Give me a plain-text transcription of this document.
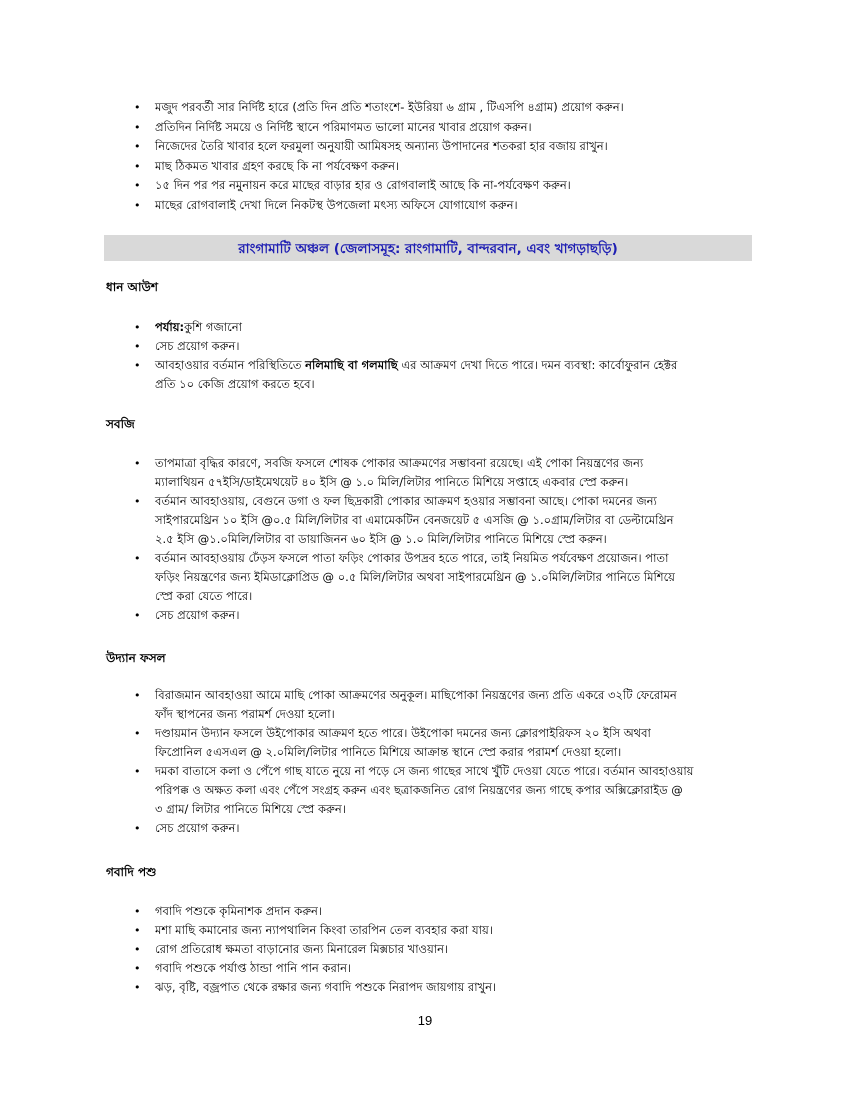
• মজুদ পরবর্তী সার নির্দিষ্ট হারে (প্রতি দিন প্রতি শতাংশে- ইউরিয়া ৬ গ্রাম , টিএসপি ৪গ্রাম) প্রয়োগ করুন।
• প্রতিদিন নির্দিষ্ট সময়ে ও নির্দিষ্ট স্থানে পরিমাণমত ভালো মানের খাবার প্রয়োগ করুন।
• নিজেদের তৈরি খাবার হলে ফরমুলা অনুযায়ী আমিষসহ অন্যান্য উপাদানের শতকরা হার বজায় রাখুন।
• মাছ ঠিকমত খাবার গ্রহণ করছে কি না পর্যবেক্ষণ করুন।
• ১৫ দিন পর পর নমুনায়ন করে মাছের বাড়ার হার ও রোগবালাই আছে কি না-পর্যবেক্ষণ করুন।
• মাছের রোগবালাই দেখা দিলে নিকটস্থ উপজেলা মৎস্য অফিসে যোগাযোগ করুন।
রাংগামাটি অঞ্চল (জেলাসমূহ: রাংগামাটি, বান্দরবান, এবং খাগড়াছড়ি)
ধান আউশ
• পর্যায়:কুশি গজানো
• সেচ প্রয়োগ করুন।
• আবহাওয়ার বর্তমান পরিস্থিতিতে নলিমাছি বা গলমাছি এর আক্রমণ দেখা দিতে পারে। দমন ব্যবস্থা: কার্বোফুরান হেক্টর
প্রতি ১০ কেজি প্রয়োগ করতে হবে।
সবজি
• তাপমাত্রা বৃদ্ধির কারণে, সবজি ফসলে শোষক পোকার আক্রমণের সম্ভাবনা রয়েছে। এই পোকা নিয়ন্ত্রণের জন্য
ম্যালাথিয়ন ৫৭ইসি/ডাইমেথয়েট ৪০ ইসি @ ১.০ মিলি/লিটার পানিতে মিশিয়ে সপ্তাহে একবার স্প্রে করুন।
• বর্তমান আবহাওয়ায়, বেগুনে ডগা ও ফল ছিদ্রকারী পোকার আক্রমণ হওয়ার সম্ভাবনা আছে। পোকা দমনের জন্য
সাইপারমেথ্রিন ১০ ইসি @০.৫ মিলি/লিটার বা এমামেকটিন বেনজয়েট ৫ এসজি @ ১.০গ্রাম/লিটার বা ডেল্টামেথ্রিন
২.৫ ইসি @১.০মিলি/লিটার বা ডায়াজিনন ৬০ ইসি @ ১.০ মিলি/লিটার পানিতে মিশিয়ে স্প্রে করুন।
• বর্তমান আবহাওয়ায় ঢেঁড়স ফসলে পাতা ফড়িং পোকার উপদ্রব হতে পারে, তাই নিয়মিত পর্যবেক্ষণ প্রয়োজন। পাতা
ফড়িং নিয়ন্ত্রণের জন্য ইমিডাক্লোপ্রিড @ ০.৫ মিলি/লিটার অথবা সাইপারমেথ্রিন @ ১.০মিলি/লিটার পানিতে মিশিয়ে
স্প্রে করা যেতে পারে।
• সেচ প্রয়োগ করুন।
উদ্যান ফসল
• বিরাজমান আবহাওয়া আমে মাছি পোকা আক্রমণের অনুকূল। মাছিপোকা নিয়ন্ত্রণের জন্য প্রতি একরে ৩২টি ফেরোমন
ফাঁদ স্থাপনের জন্য পরামর্শ দেওয়া হলো।
• দণ্ডায়মান উদ্যান ফসলে উইপোকার আক্রমণ হতে পারে। উইপোকা দমনের জন্য ক্লোরপাইরিফস ২০ ইসি অথবা
ফিপ্রোনিল ৫এসএল @ ২.০মিলি/লিটার পানিতে মিশিয়ে আক্রান্ত স্থানে স্প্রে করার পরামর্শ দেওয়া হলো।
• দমকা বাতাসে কলা ও পেঁপে গাছ যাতে নুয়ে না পড়ে সে জন্য গাছের সাথে খুঁটি দেওয়া যেতে পারে। বর্তমান আবহাওয়ায়
পরিপক্ক ও অক্ষত কলা এবং পেঁপে সংগ্রহ করুন এবং ছত্রাকজনিত রোগ নিয়ন্ত্রণের জন্য গাছে কপার অক্সিক্লোরাইড @
৩ গ্রাম/ লিটার পানিতে মিশিয়ে স্প্রে করুন।
• সেচ প্রয়োগ করুন।
গবাদি পশু
• গবাদি পশুকে কৃমিনাশক প্রদান করুন।
• মশা মাছি কমানোর জন্য ন্যাপথালিন কিংবা তারপিন তেল ব্যবহার করা যায়।
• রোগ প্রতিরোধ ক্ষমতা বাড়ানোর জন্য মিনারেল মিক্সচার খাওয়ান।
• গবাদি পশুকে পর্যাপ্ত ঠান্ডা পানি পান করান।
• ঝড়, বৃষ্টি, বজ্রপাত থেকে রক্ষার জন্য গবাদি পশুকে নিরাপদ জায়গায় রাখুন।
19
